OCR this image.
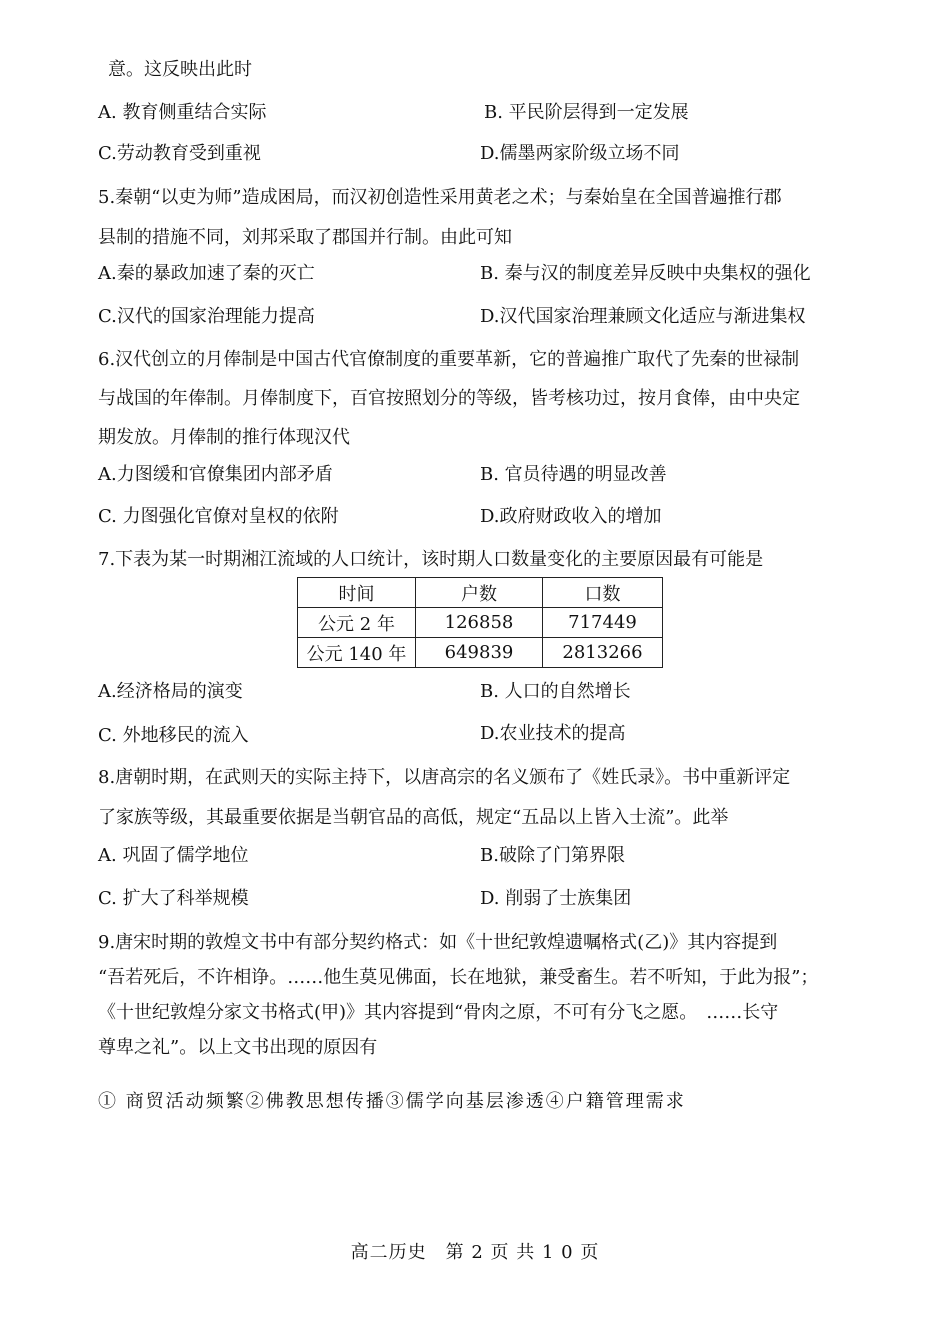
意。这反映出此时
A. 教育侧重结合实际	B. 平民阶层得到一定发展
C.劳动教育受到重视	D.儒墨两家阶级立场不同
5.秦朝“以吏为师”造成困局，而汉初创造性采用黄老之术；与秦始皇在全国普遍推行郡
县制的措施不同，刘邦采取了郡国并行制。由此可知
A.秦的暴政加速了秦的灭亡	B. 秦与汉的制度差异反映中央集权的强化
C.汉代的国家治理能力提高	D.汉代国家治理兼顾文化适应与渐进集权
6.汉代创立的月俸制是中国古代官僚制度的重要革新，它的普遍推广取代了先秦的世禄制
与战国的年俸制。月俸制度下，百官按照划分的等级，皆考核功过，按月食俸，由中央定
期发放。月俸制的推行体现汉代
A.力图缓和官僚集团内部矛盾	B. 官员待遇的明显改善
C. 力图强化官僚对皇权的依附	D.政府财政收入的增加
7.下表为某一时期湘江流域的人口统计，该时期人口数量变化的主要原因最有可能是
时间	户数	口数
公元 2 年	126858	717449
公元 140 年	649839	2813266
A.经济格局的演变	B. 人口的自然增长
C. 外地移民的流入	D.农业技术的提高
8.唐朝时期，在武则天的实际主持下，以唐高宗的名义颁布了《姓氏录》。书中重新评定
了家族等级，其最重要依据是当朝官品的高低，规定“五品以上皆入士流”。此举
A. 巩固了儒学地位	B.破除了门第界限
C. 扩大了科举规模	D. 削弱了士族集团
9.唐宋时期的敦煌文书中有部分契约格式：如《十世纪敦煌遗嘱格式(乙)》其内容提到
“吾若死后，不许相诤。……他生莫见佛面，长在地狱，兼受畜生。若不听知，于此为报”；
《十世纪敦煌分家文书格式(甲)》其内容提到“骨肉之原，不可有分飞之愿。　……长守
尊卑之礼”。以上文书出现的原因有
① 商贸活动频繁②佛教思想传播③儒学向基层渗透④户籍管理需求
高二历史　第 2 页 共 1 0 页
